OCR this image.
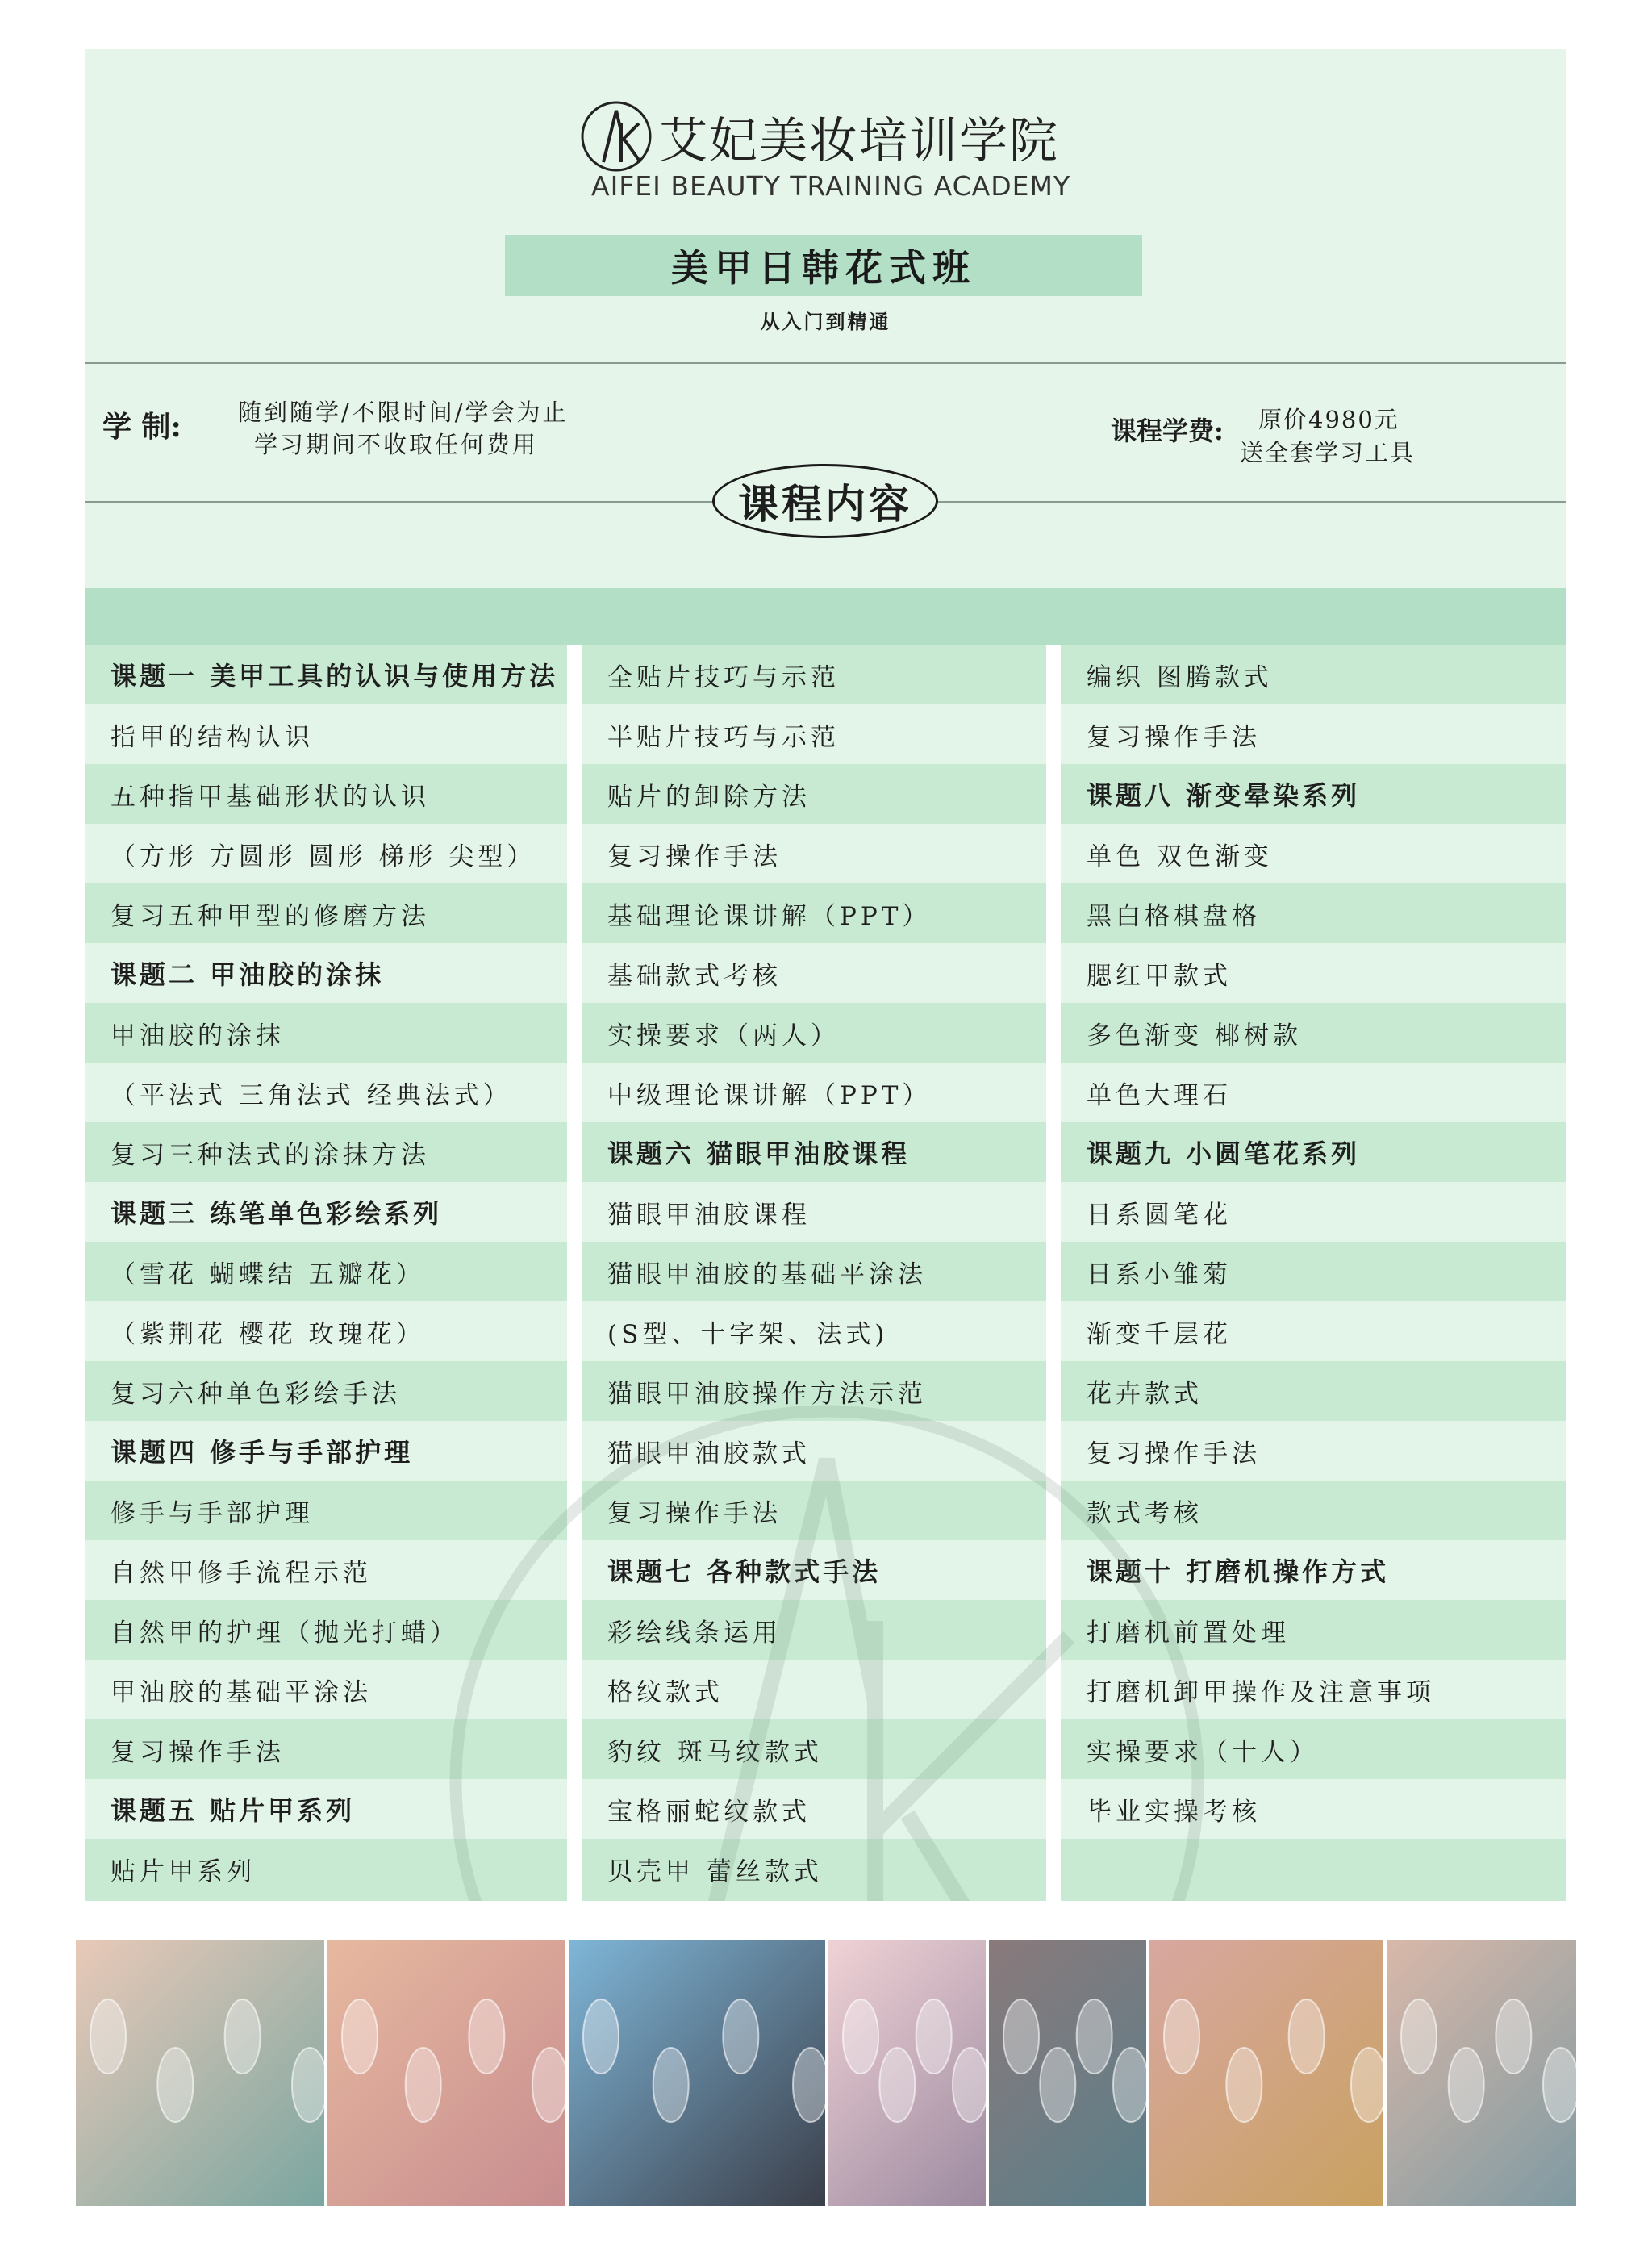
艾妃美妆培训学院
AIFEI BEAUTY TRAINING ACADEMY
美甲日韩花式班
从入门到精通
学 制: 随到随学/不限时间/学会为止
学习期间不收取任何费用	课程学费: 原价4980元
送全套学习工具
课程内容
课题一 美甲工具的认识与使用方法
指甲的结构认识
五种指甲基础形状的认识
（方形 方圆形 圆形 梯形 尖型）
复习五种甲型的修磨方法
课题二 甲油胶的涂抹
甲油胶的涂抹
（平法式 三角法式 经典法式）
复习三种法式的涂抹方法
课题三 练笔单色彩绘系列
（雪花 蝴蝶结 五瓣花）
（紫荆花 樱花 玫瑰花）
复习六种单色彩绘手法
课题四 修手与手部护理
修手与手部护理
自然甲修手流程示范
自然甲的护理（抛光打蜡）
甲油胶的基础平涂法
复习操作手法
课题五 贴片甲系列
贴片甲系列
全贴片技巧与示范
半贴片技巧与示范
贴片的卸除方法
复习操作手法
基础理论课讲解（PPT）
基础款式考核
实操要求（两人）
中级理论课讲解（PPT）
课题六 猫眼甲油胶课程
猫眼甲油胶课程
猫眼甲油胶的基础平涂法
(S型、十字架、法式)
猫眼甲油胶操作方法示范
猫眼甲油胶款式
复习操作手法
课题七 各种款式手法
彩绘线条运用
格纹款式
豹纹 斑马纹款式
宝格丽蛇纹款式
贝壳甲 蕾丝款式
编织 图腾款式
复习操作手法
课题八 渐变晕染系列
单色 双色渐变
黑白格棋盘格
腮红甲款式
多色渐变 椰树款
单色大理石
课题九 小圆笔花系列
日系圆笔花
日系小雏菊
渐变千层花
花卉款式
复习操作手法
款式考核
课题十 打磨机操作方式
打磨机前置处理
打磨机卸甲操作及注意事项
实操要求（十人）
毕业实操考核
